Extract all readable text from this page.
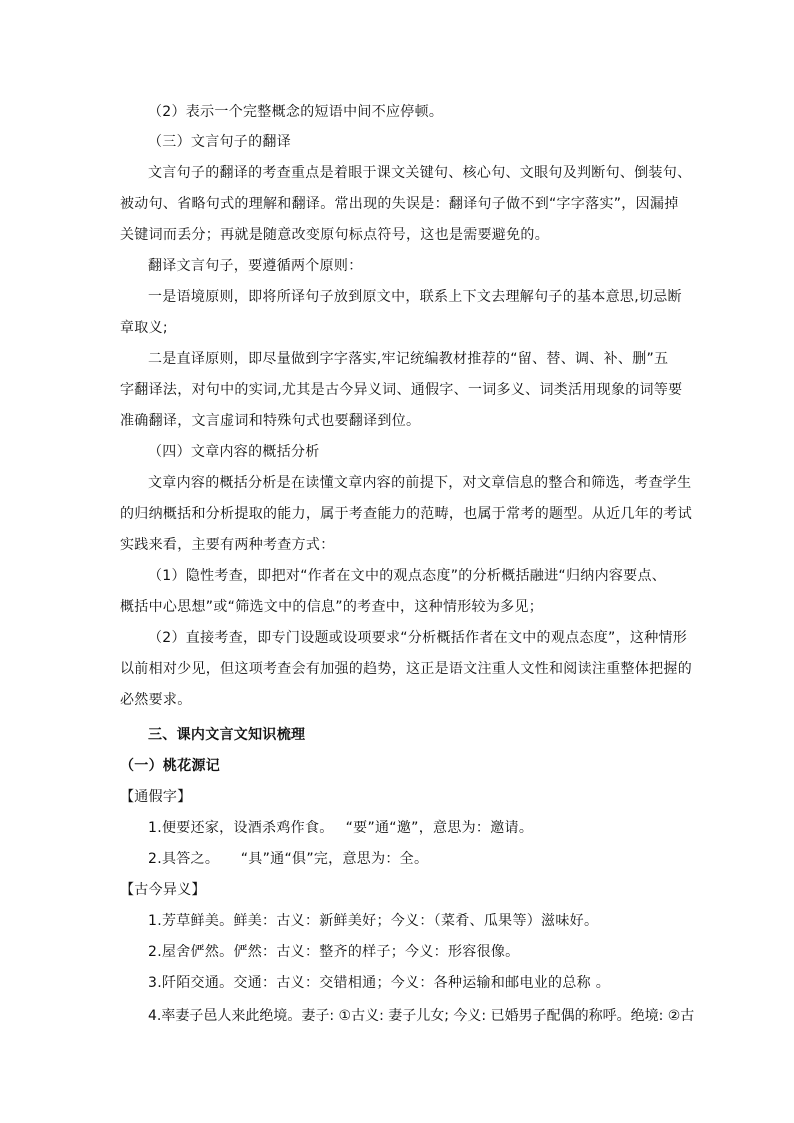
（2）表示一个完整概念的短语中间不应停顿。
（三）文言句子的翻译
文言句子的翻译的考查重点是着眼于课文关键句、核心句、文眼句及判断句、倒装句、
被动句、省略句式的理解和翻译。常出现的失误是：翻译句子做不到“字字落实”，因漏掉
关键词而丢分；再就是随意改变原句标点符号，这也是需要避免的。
翻译文言句子，要遵循两个原则：
一是语境原则，即将所译句子放到原文中，联系上下文去理解句子的基本意思,切忌断
章取义;
二是直译原则，即尽量做到字字落实,牢记统编教材推荐的“留、替、调、补、删”五
字翻译法，对句中的实词,尤其是古今异义词、通假字、一词多义、词类活用现象的词等要
准确翻译，文言虚词和特殊句式也要翻译到位。
（四）文章内容的概括分析
文章内容的概括分析是在读懂文章内容的前提下，对文章信息的整合和筛选，考查学生
的归纳概括和分析提取的能力，属于考查能力的范畴，也属于常考的题型。从近几年的考试
实践来看，主要有两种考查方式：
（1）隐性考查，即把对“作者在文中的观点态度”的分析概括融进“归纳内容要点、
概括中心思想”或“筛选文中的信息”的考查中，这种情形较为多见；
（2）直接考查，即专门设题或设项要求“分析概括作者在文中的观点态度”，这种情形
以前相对少见，但这项考查会有加强的趋势，这正是语文注重人文性和阅读注重整体把握的
必然要求。
三、课内文言文知识梳理
（一）桃花源记
【通假字】
1.便要还家，设酒杀鸡作食。　 “要”通“邀”，意思为：邀请。
2.具答之。　　“具”通“俱”完，意思为：全。
【古今异义】
1.芳草鲜美。鲜美：古义：新鲜美好；今义：（菜肴、瓜果等）滋味好。
2.屋舍俨然。俨然：古义：整齐的样子；今义：形容很像。
3.阡陌交通。交通：古义：交错相通；今义：各种运输和邮电业的总称 。
4.率妻子邑人来此绝境。妻子: ①古义: 妻子儿女; 今义: 已婚男子配偶的称呼。绝境: ②古
